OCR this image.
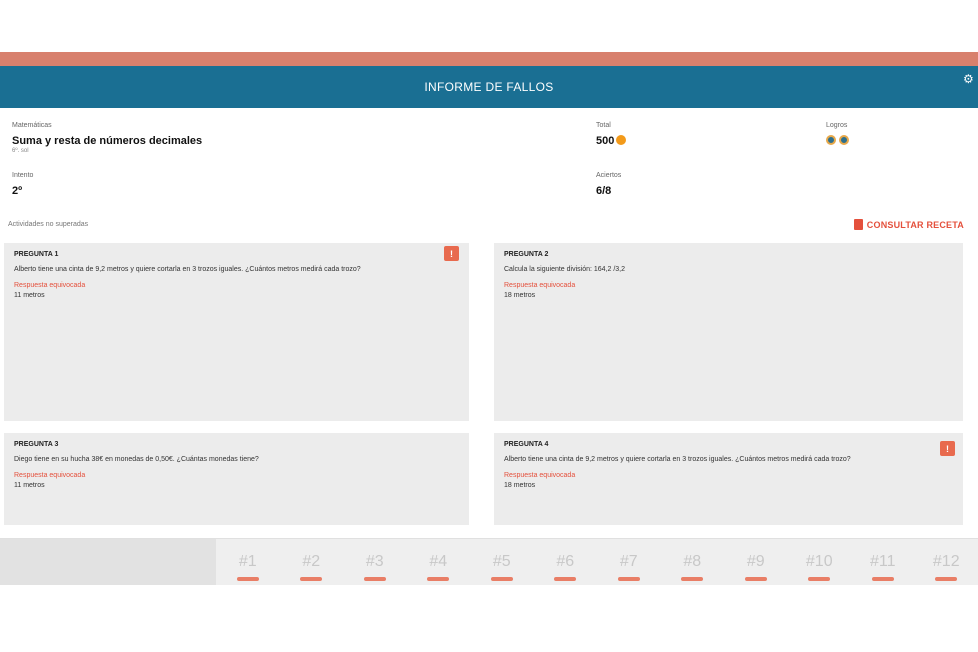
INFORME DE FALLOS
⚙
Matemáticas
Suma y resta de números decimales
6º. sol
Intento
2º
Total
500
Aciertos
6/8
Logros
Actividades no superadas	CONSULTAR RECETA
PREGUNTA 1
Alberto tiene una cinta de 9,2 metros y quiere cortarla en 3 trozos iguales. ¿Cuántos metros medirá cada trozo?
Respuesta equivocada
11 metros
!	PREGUNTA 2
Calcula la siguiente división: 164,2 /3,2
Respuesta equivocada
18 metros
PREGUNTA 3
Diego tiene en su hucha 38€ en monedas de 0,50€. ¿Cuántas monedas tiene?
Respuesta equivocada
11 metros
PREGUNTA 4
Alberto tiene una cinta de 9,2 metros y quiere cortarla en 3 trozos iguales. ¿Cuántos metros medirá cada trozo?
Respuesta equivocada
18 metros
!
#1	#2	#3	#4	#5	#6	#7	#8	#9	#10	#11	#12
